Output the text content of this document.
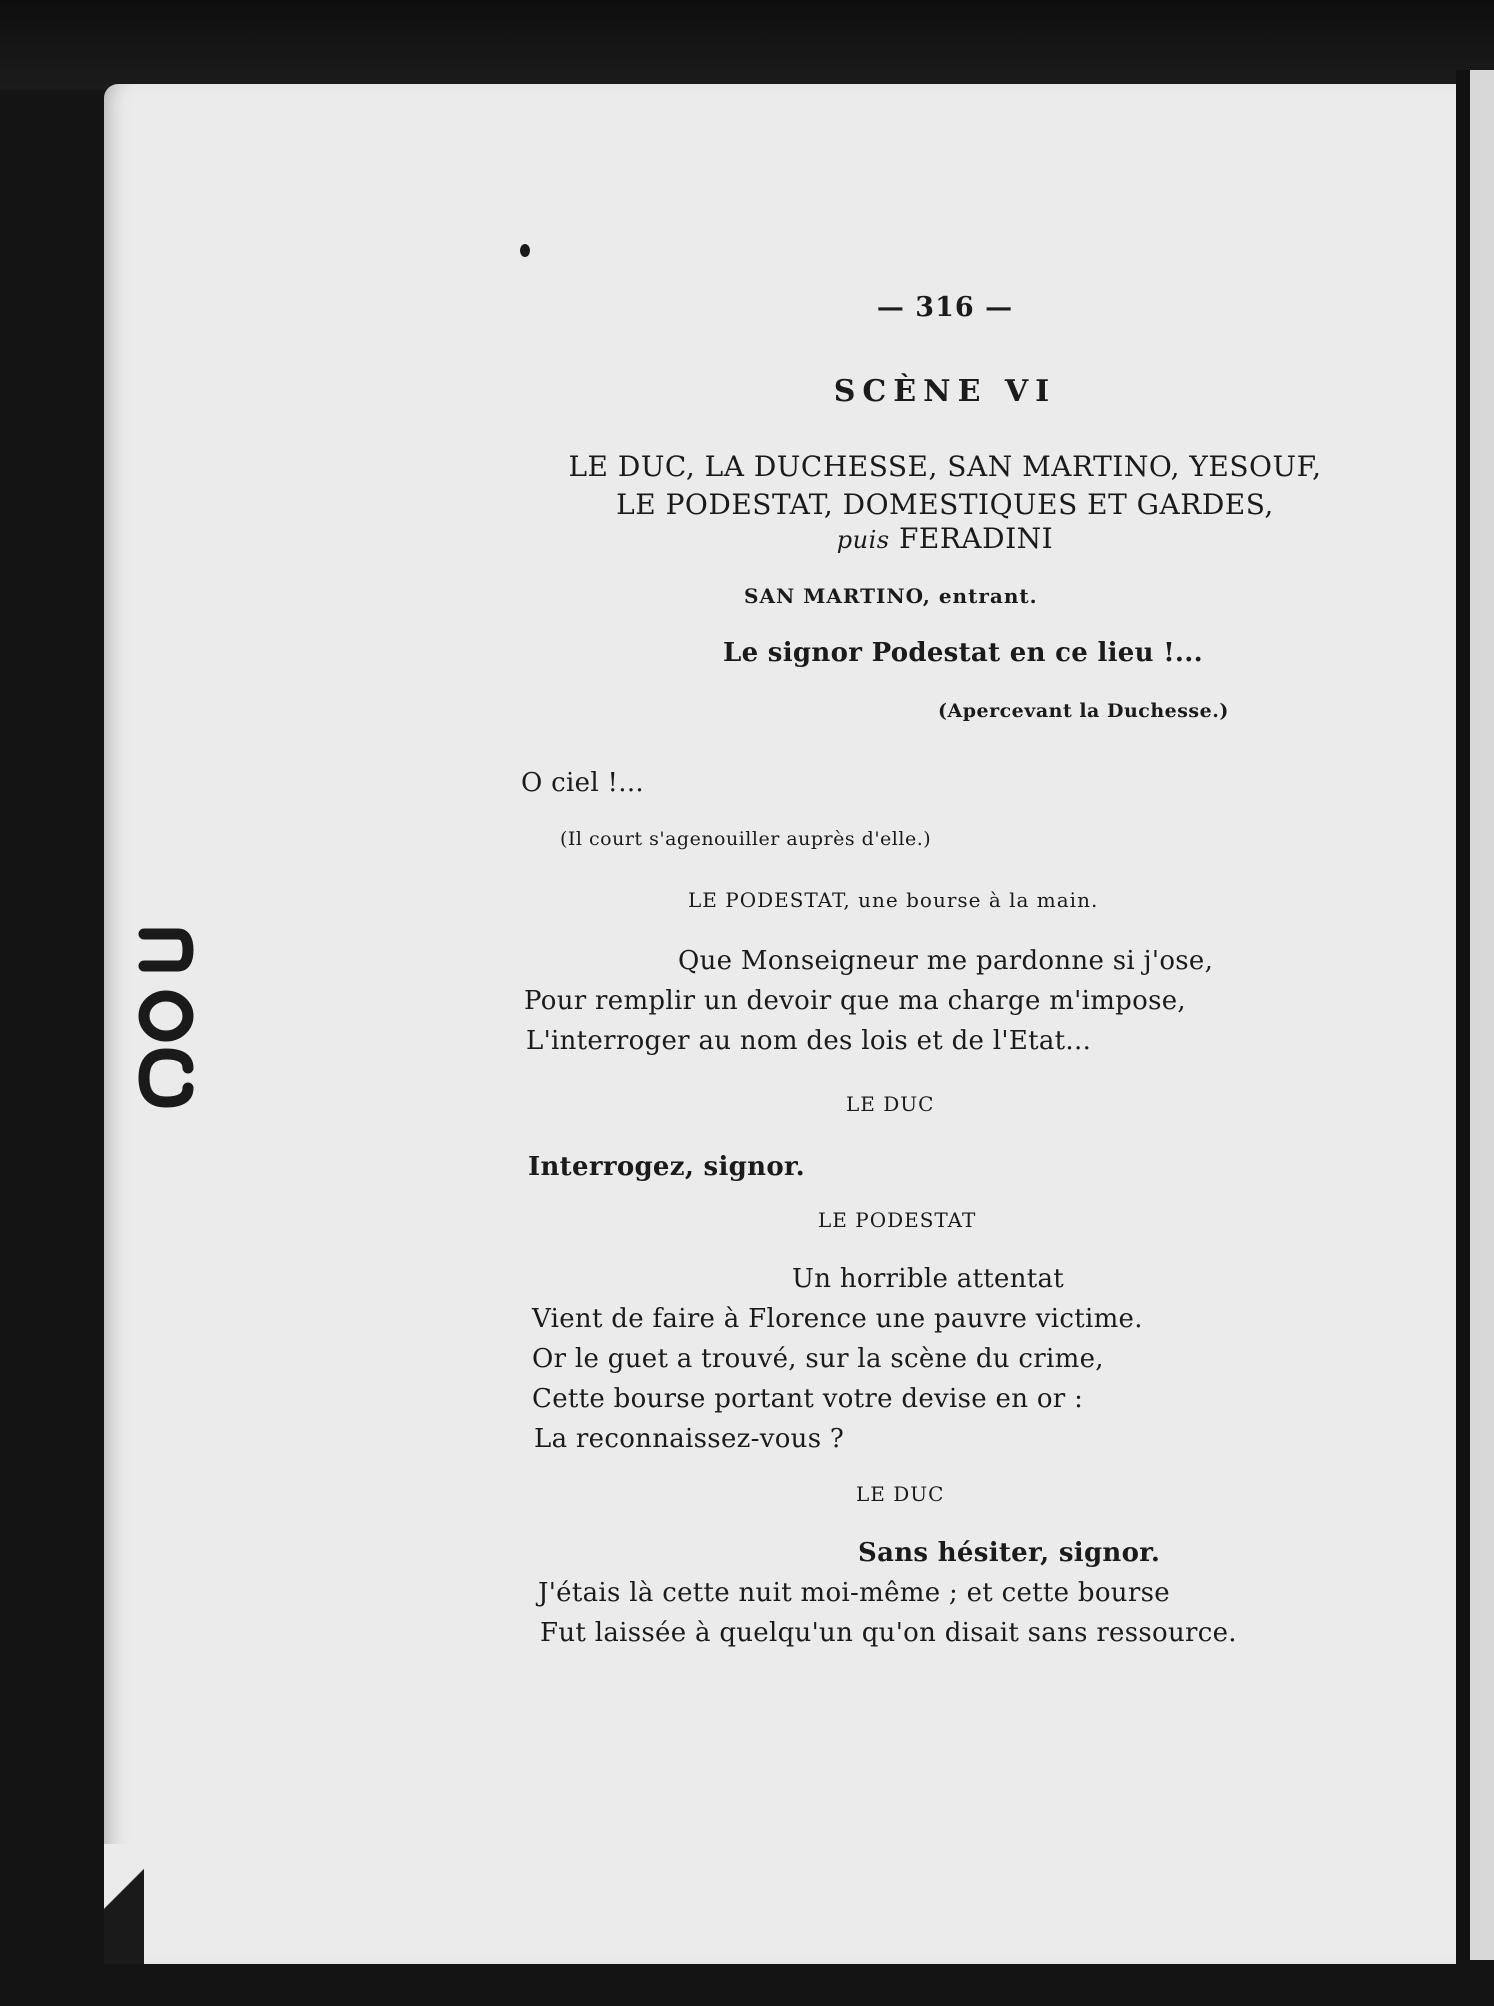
— 316 —

SCÈNE VI

LE DUC, LA DUCHESSE, SAN MARTINO, YESOUF,

LE PODESTAT, DOMESTIQUES ET GARDES,

puis FERADINI

SAN MARTINO, entrant.

Le signor Podestat en ce lieu !...

(Apercevant la Duchesse.)

O ciel !...

(Il court s'agenouiller auprès d'elle.)

LE PODESTAT, une bourse à la main.

Que Monseigneur me pardonne si j'ose,

Pour remplir un devoir que ma charge m'impose,

L'interroger au nom des lois et de l'Etat...

LE DUC

Interrogez, signor.

LE PODESTAT

Un horrible attentat

Vient de faire à Florence une pauvre victime.

Or le guet a trouvé, sur la scène du crime,

Cette bourse portant votre devise en or :

La reconnaissez-vous ?

LE DUC

Sans hésiter, signor.

J'étais là cette nuit moi-même ; et cette bourse

Fut laissée à quelqu'un qu'on disait sans ressource.
